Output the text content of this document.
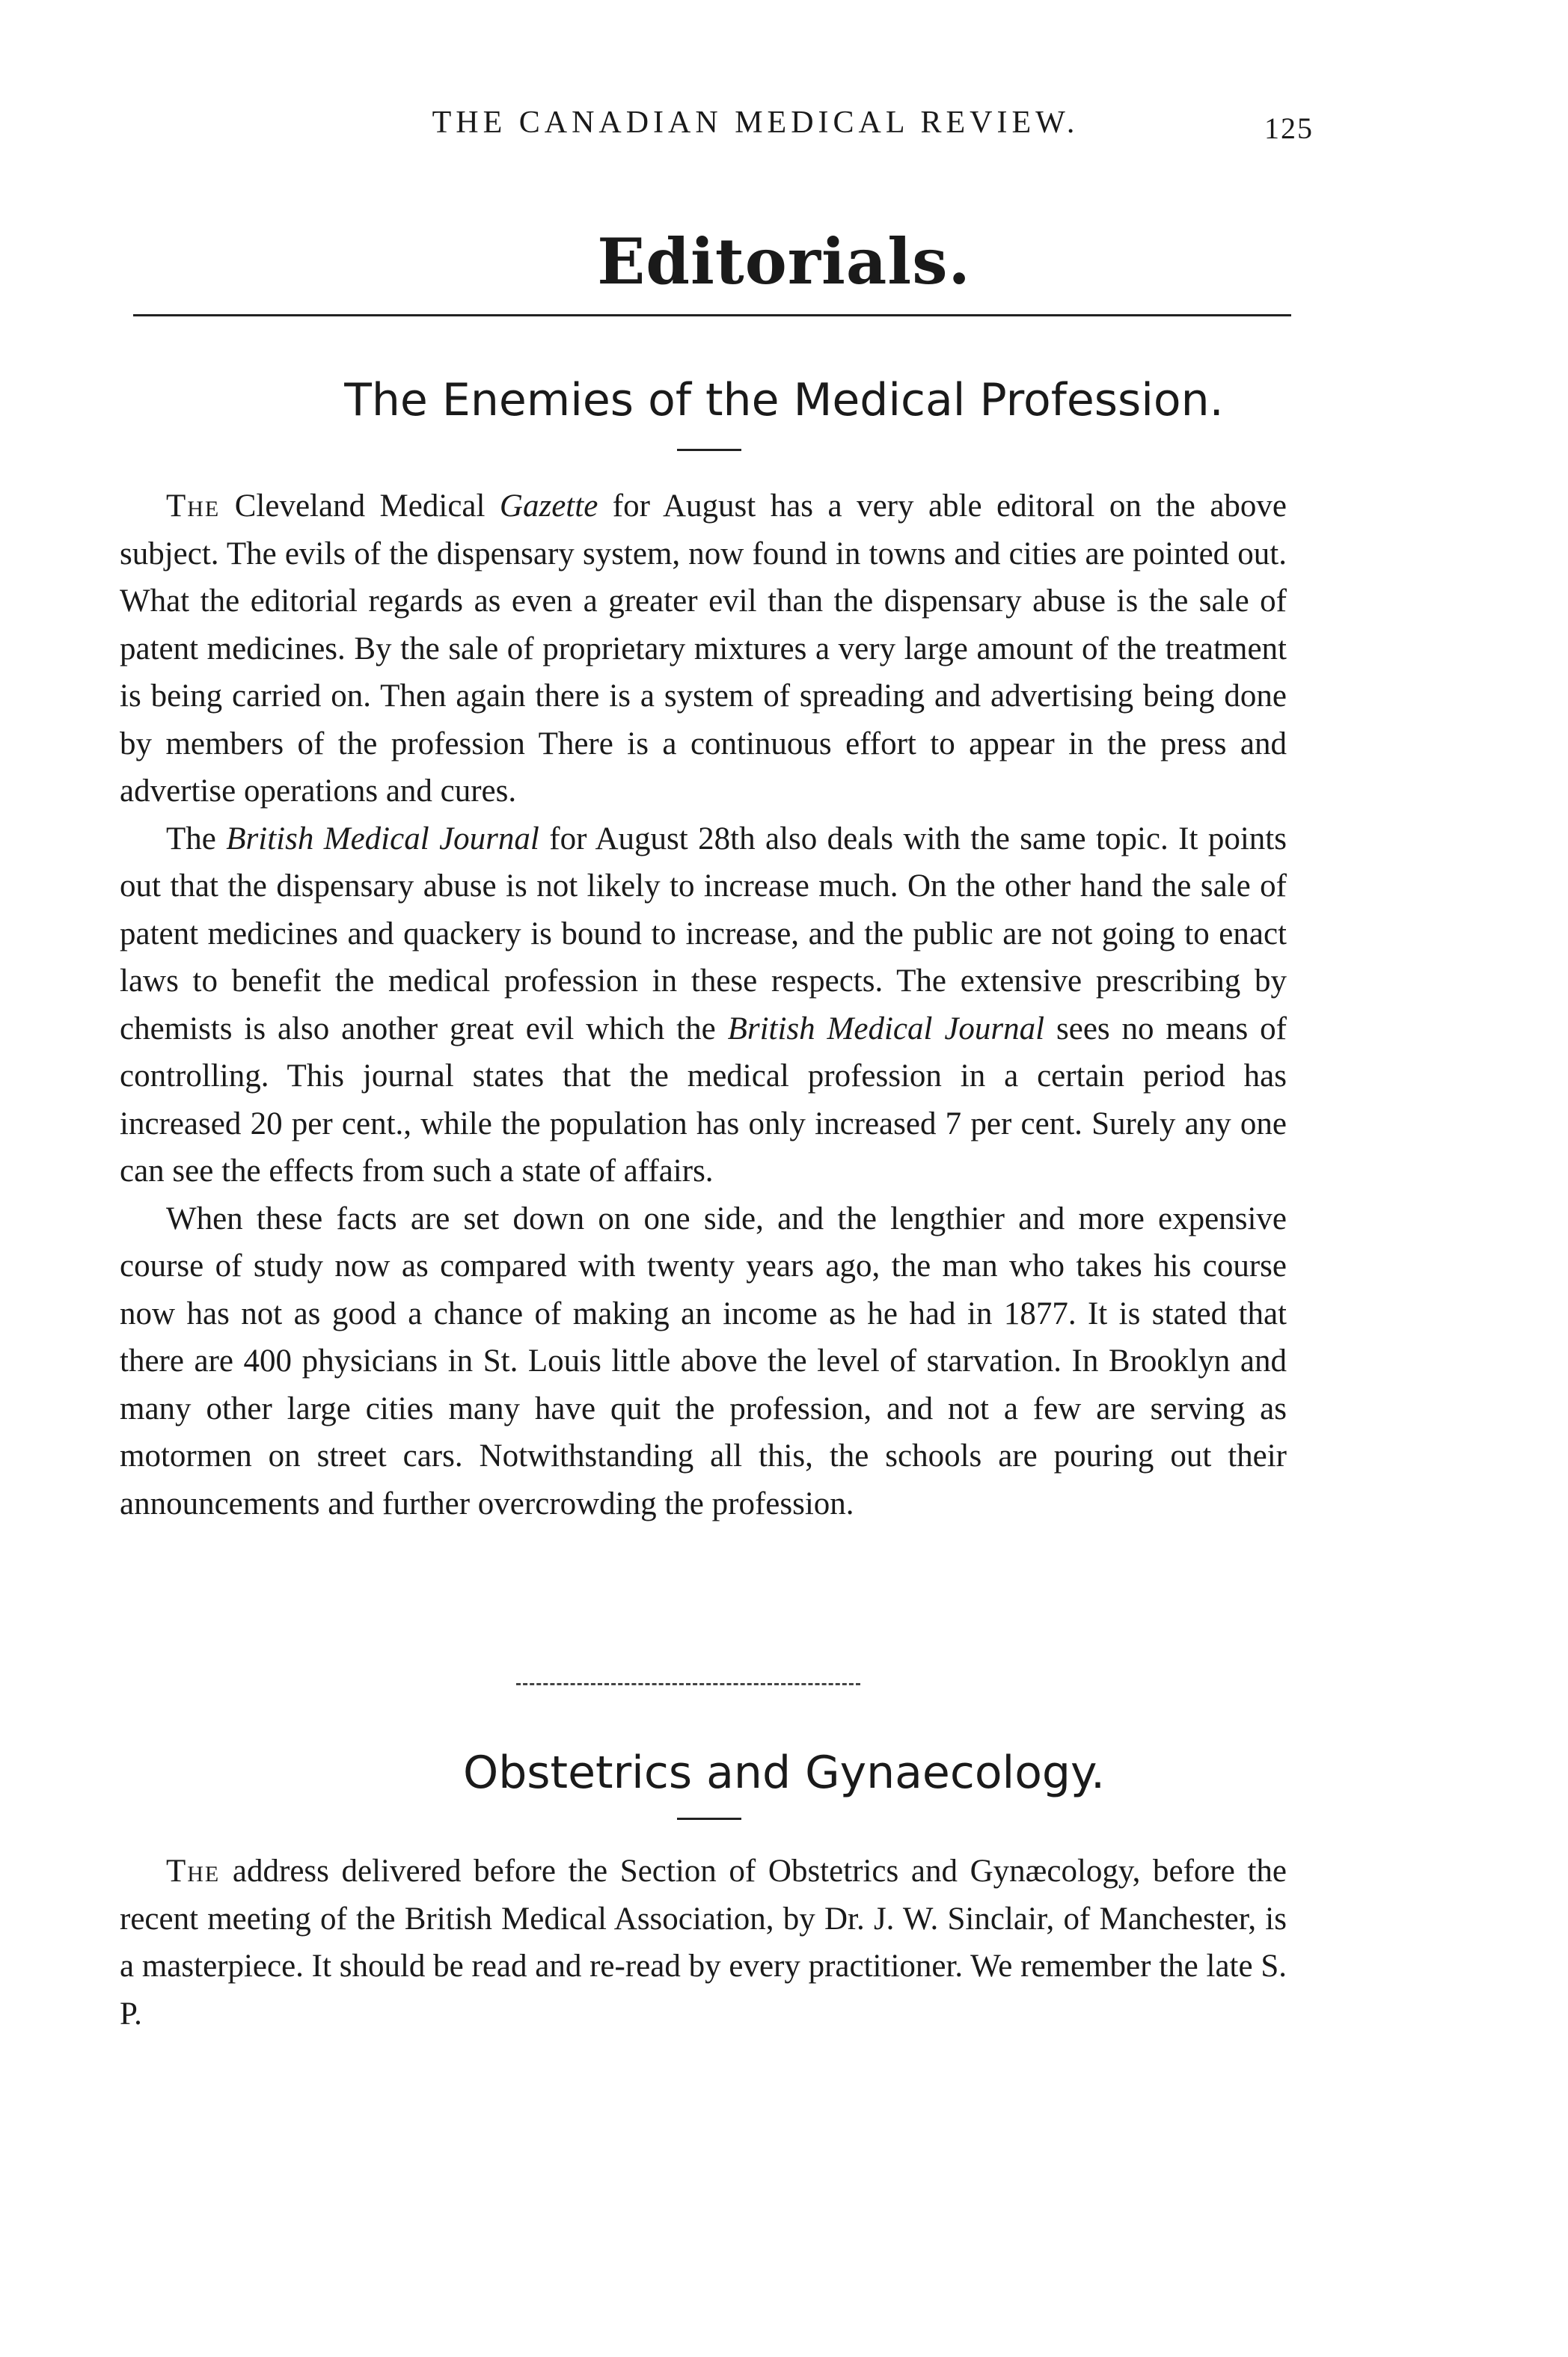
THE CANADIAN MEDICAL REVIEW.	125
Editorials.
The Enemies of the Medical Profession.

The Cleveland Medical Gazette for August has a very able editoral on the above subject. The evils of the dispensary system, now found in towns and cities are pointed out. What the editorial regards as even a greater evil than the dispensary abuse is the sale of patent medicines. By the sale of proprietary mixtures a very large amount of the treatment is being carried on. Then again there is a system of spreading and advertising being done by members of the profession There is a continuous effort to appear in the press and advertise operations and cures.

The British Medical Journal for August 28th also deals with the same topic. It points out that the dispensary abuse is not likely to increase much. On the other hand the sale of patent medicines and quackery is bound to increase, and the public are not going to enact laws to benefit the medical profession in these respects. The extensive prescribing by chemists is also another great evil which the British Medical Journal sees no means of controlling. This journal states that the medical profession in a certain period has increased 20 per cent., while the population has only increased 7 per cent. Surely any one can see the effects from such a state of affairs.

When these facts are set down on one side, and the lengthier and more expensive course of study now as compared with twenty years ago, the man who takes his course now has not as good a chance of making an income as he had in 1877. It is stated that there are 400 physicians in St. Louis little above the level of starvation. In Brooklyn and many other large cities many have quit the profession, and not a few are serving as motormen on street cars. Notwithstanding all this, the schools are pouring out their announcements and further overcrowding the profession.

Obstetrics and Gynaecology.

The address delivered before the Section of Obstetrics and Gynæcology, before the recent meeting of the British Medical Association, by Dr. J. W. Sinclair, of Manchester, is a masterpiece. It should be read and re-read by every practitioner. We remember the late S. P.
